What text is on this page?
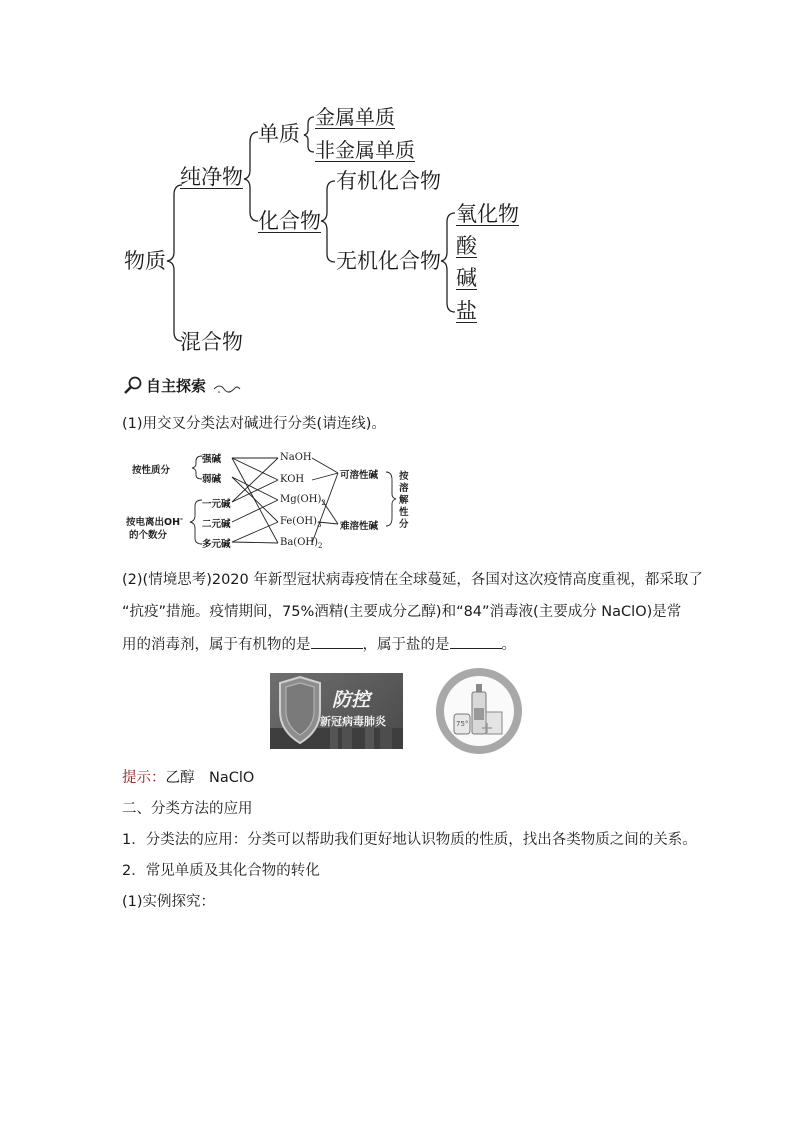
物质
纯净物
混合物
单质
金属单质
非金属单质
化合物
有机化合物
无机化合物
氧化物
酸
碱
盐
自主探索
(1)用交叉分类法对碱进行分类(请连线)。
按性质分
按电离出OH-
的个数分
强碱
弱碱
一元碱
二元碱
多元碱
NaOH
KOH
$Mg(OH)_2$
$Fe(OH)_3$
$Ba(OH)_2$
可溶性碱
难溶性碱
按溶解性分
(2)(情境思考)2020 年新型冠状病毒疫情在全球蔓延，各国对这次疫情高度重视，都采取了
“抗疫”措施。疫情期间，75%酒精(主要成分乙醇)和“84”消毒液(主要成分 NaClO)是常
用的消毒剂，属于有机物的是	，属于盐的是	。
防控
新冠病毒肺炎	75°
提示：乙醇　NaClO
二、分类方法的应用
1．分类法的应用：分类可以帮助我们更好地认识物质的性质，找出各类物质之间的关系。
2．常见单质及其化合物的转化
(1)实例探究：
